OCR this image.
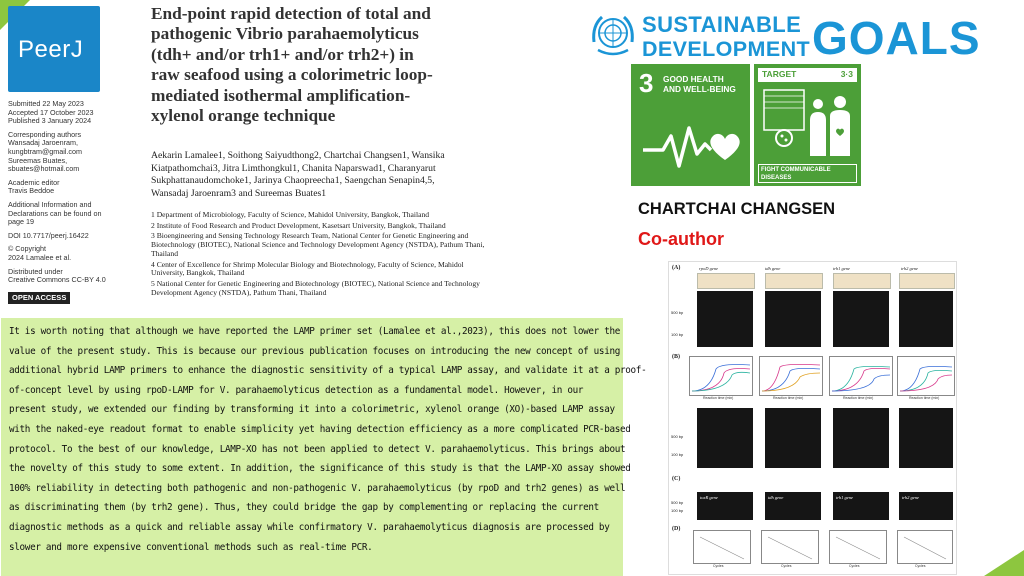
PeerJ
Submitted 22 May 2023
Accepted 17 October 2023
Published 3 January 2024
Corresponding authors
Wansadaj Jaroenram,
kungbtram@gmail.com
Sureemas Buates,
sbuates@hotmail.com
Academic editor
Travis Beddoe
Additional Information and
Declarations can be found on
page 19
DOI 10.7717/peerj.16422
© Copyright
2024 Lamalee et al.
Distributed under
Creative Commons CC-BY 4.0
OPEN ACCESS
End-point rapid detection of total and
pathogenic Vibrio parahaemolyticus
(tdh+ and/or trh1+ and/or trh2+) in
raw seafood using a colorimetric loop-
mediated isothermal amplification-
xylenol orange technique
Aekarin Lamalee1, Soithong Saiyudthong2, Chartchai Changsen1, Wansika
Kiatpathomchai3, Jitra Limthongkul1, Chanita Naparswad1, Charanyarut
Sukphattanaudomchoke1, Jarinya Chaopreecha1, Saengchan Senapin4,5,
Wansadaj Jaroenram3 and Sureemas Buates1
1 Department of Microbiology, Faculty of Science, Mahidol University, Bangkok, Thailand
2 Institute of Food Research and Product Development, Kasetsart University, Bangkok, Thailand
3 Bioengineering and Sensing Technology Research Team, National Center for Genetic Engineering and
Biotechnology (BIOTEC), National Science and Technology Development Agency (NSTDA), Pathum Thani,
Thailand
4 Center of Excellence for Shrimp Molecular Biology and Biotechnology, Faculty of Science, Mahidol
University, Bangkok, Thailand
5 National Center for Genetic Engineering and Biotechnology (BIOTEC), National Science and Technology
Development Agency (NSTDA), Pathum Thani, Thailand
It is worth noting that although we have reported the LAMP primer set (Lamalee et al.,2023), this does not lower the
value of the present study. This is because our previous publication focuses on introducing the new concept of using
additional hybrid LAMP primers to enhance the diagnostic sensitivity of a typical LAMP assay, and validate it at a proof-
of-concept level by using rpoD-LAMP for V. parahaemolyticus detection as a fundamental model. However, in our
present study, we extended our finding by transforming it into a colorimetric, xylenol orange (XO)-based LAMP assay
with the naked-eye readout format to enable simplicity yet having detection efficiency as a more complicated PCR-based
protocol. To the best of our knowledge, LAMP-XO has not been applied to detect V. parahaemolyticus. This brings about
the novelty of this study to some extent. In addition, the significance of this study is that the LAMP-XO assay showed
100% reliability in detecting both pathogenic and non-pathogenic V. parahaemolyticus (by rpoD and trh2 genes) as well
as discriminating them (by trh2 gene). Thus, they could bridge the gap by complementing or replacing the current
diagnostic methods as a quick and reliable assay while confirmatory V. parahaemolyticus diagnosis are processed by
slower and more expensive conventional methods such as real-time PCR.
SUSTAINABLE
DEVELOPMENT GOALS
3 GOOD HEALTH
AND WELL-BEING
TARGET	3·3
FIGHT COMMUNICABLE
DISEASES
CHARTCHAI CHANGSEN
Co-author
(A)	rpoD gene	tdh gene	trh1 gene	trh2 gene
500 bp
100 bp
(B)
Reaction time (min)	Reaction time (min)	Reaction time (min)	Reaction time (min)
500 bp
100 bp
(C)
500 bp
100 bp
toxR gene	tdh gene	trh1 gene	trh2 gene
(D)
Cycles	Cycles	Cycles	Cycles
